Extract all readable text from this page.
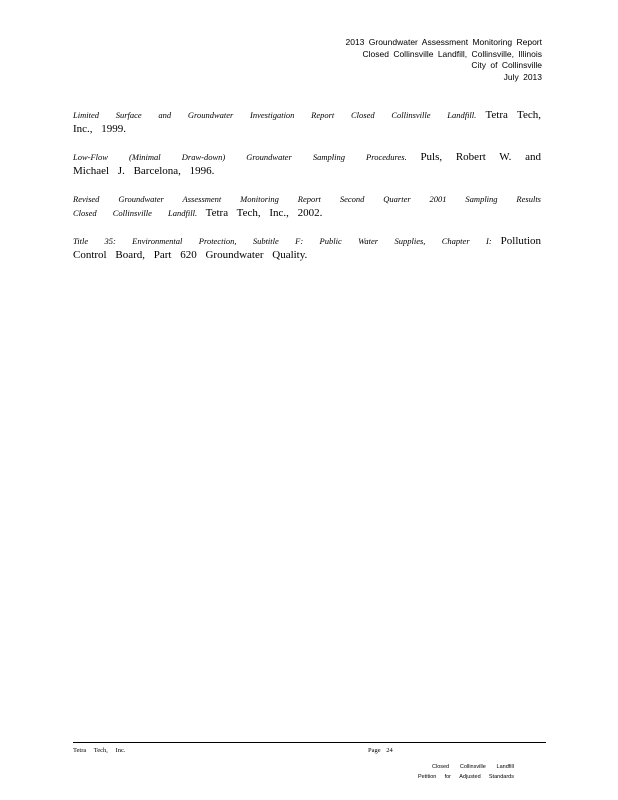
2013 Groundwater Assessment Monitoring Report
Closed Collinsville Landfill, Collinsville, Illinois
City of Collinsville
July 2013

Limited Surface and Groundwater Investigation Report Closed Collinsville Landfill. Tetra Tech, Inc., 1999.

Low-Flow (Minimal Draw-down) Groundwater Sampling Procedures. Puls, Robert W. and Michael J. Barcelona, 1996.

Revised Groundwater Assessment Monitoring Report Second Quarter 2001 Sampling Results Closed Collinsville Landfill. Tetra Tech, Inc., 2002.

Title 35: Environmental Protection, Subtitle F: Public Water Supplies, Chapter I: Pollution Control Board, Part 620 Groundwater Quality.

Tetra Tech, Inc.	Page 24
Closed Collinsville Landfill
Petition for Adjusted Standards
